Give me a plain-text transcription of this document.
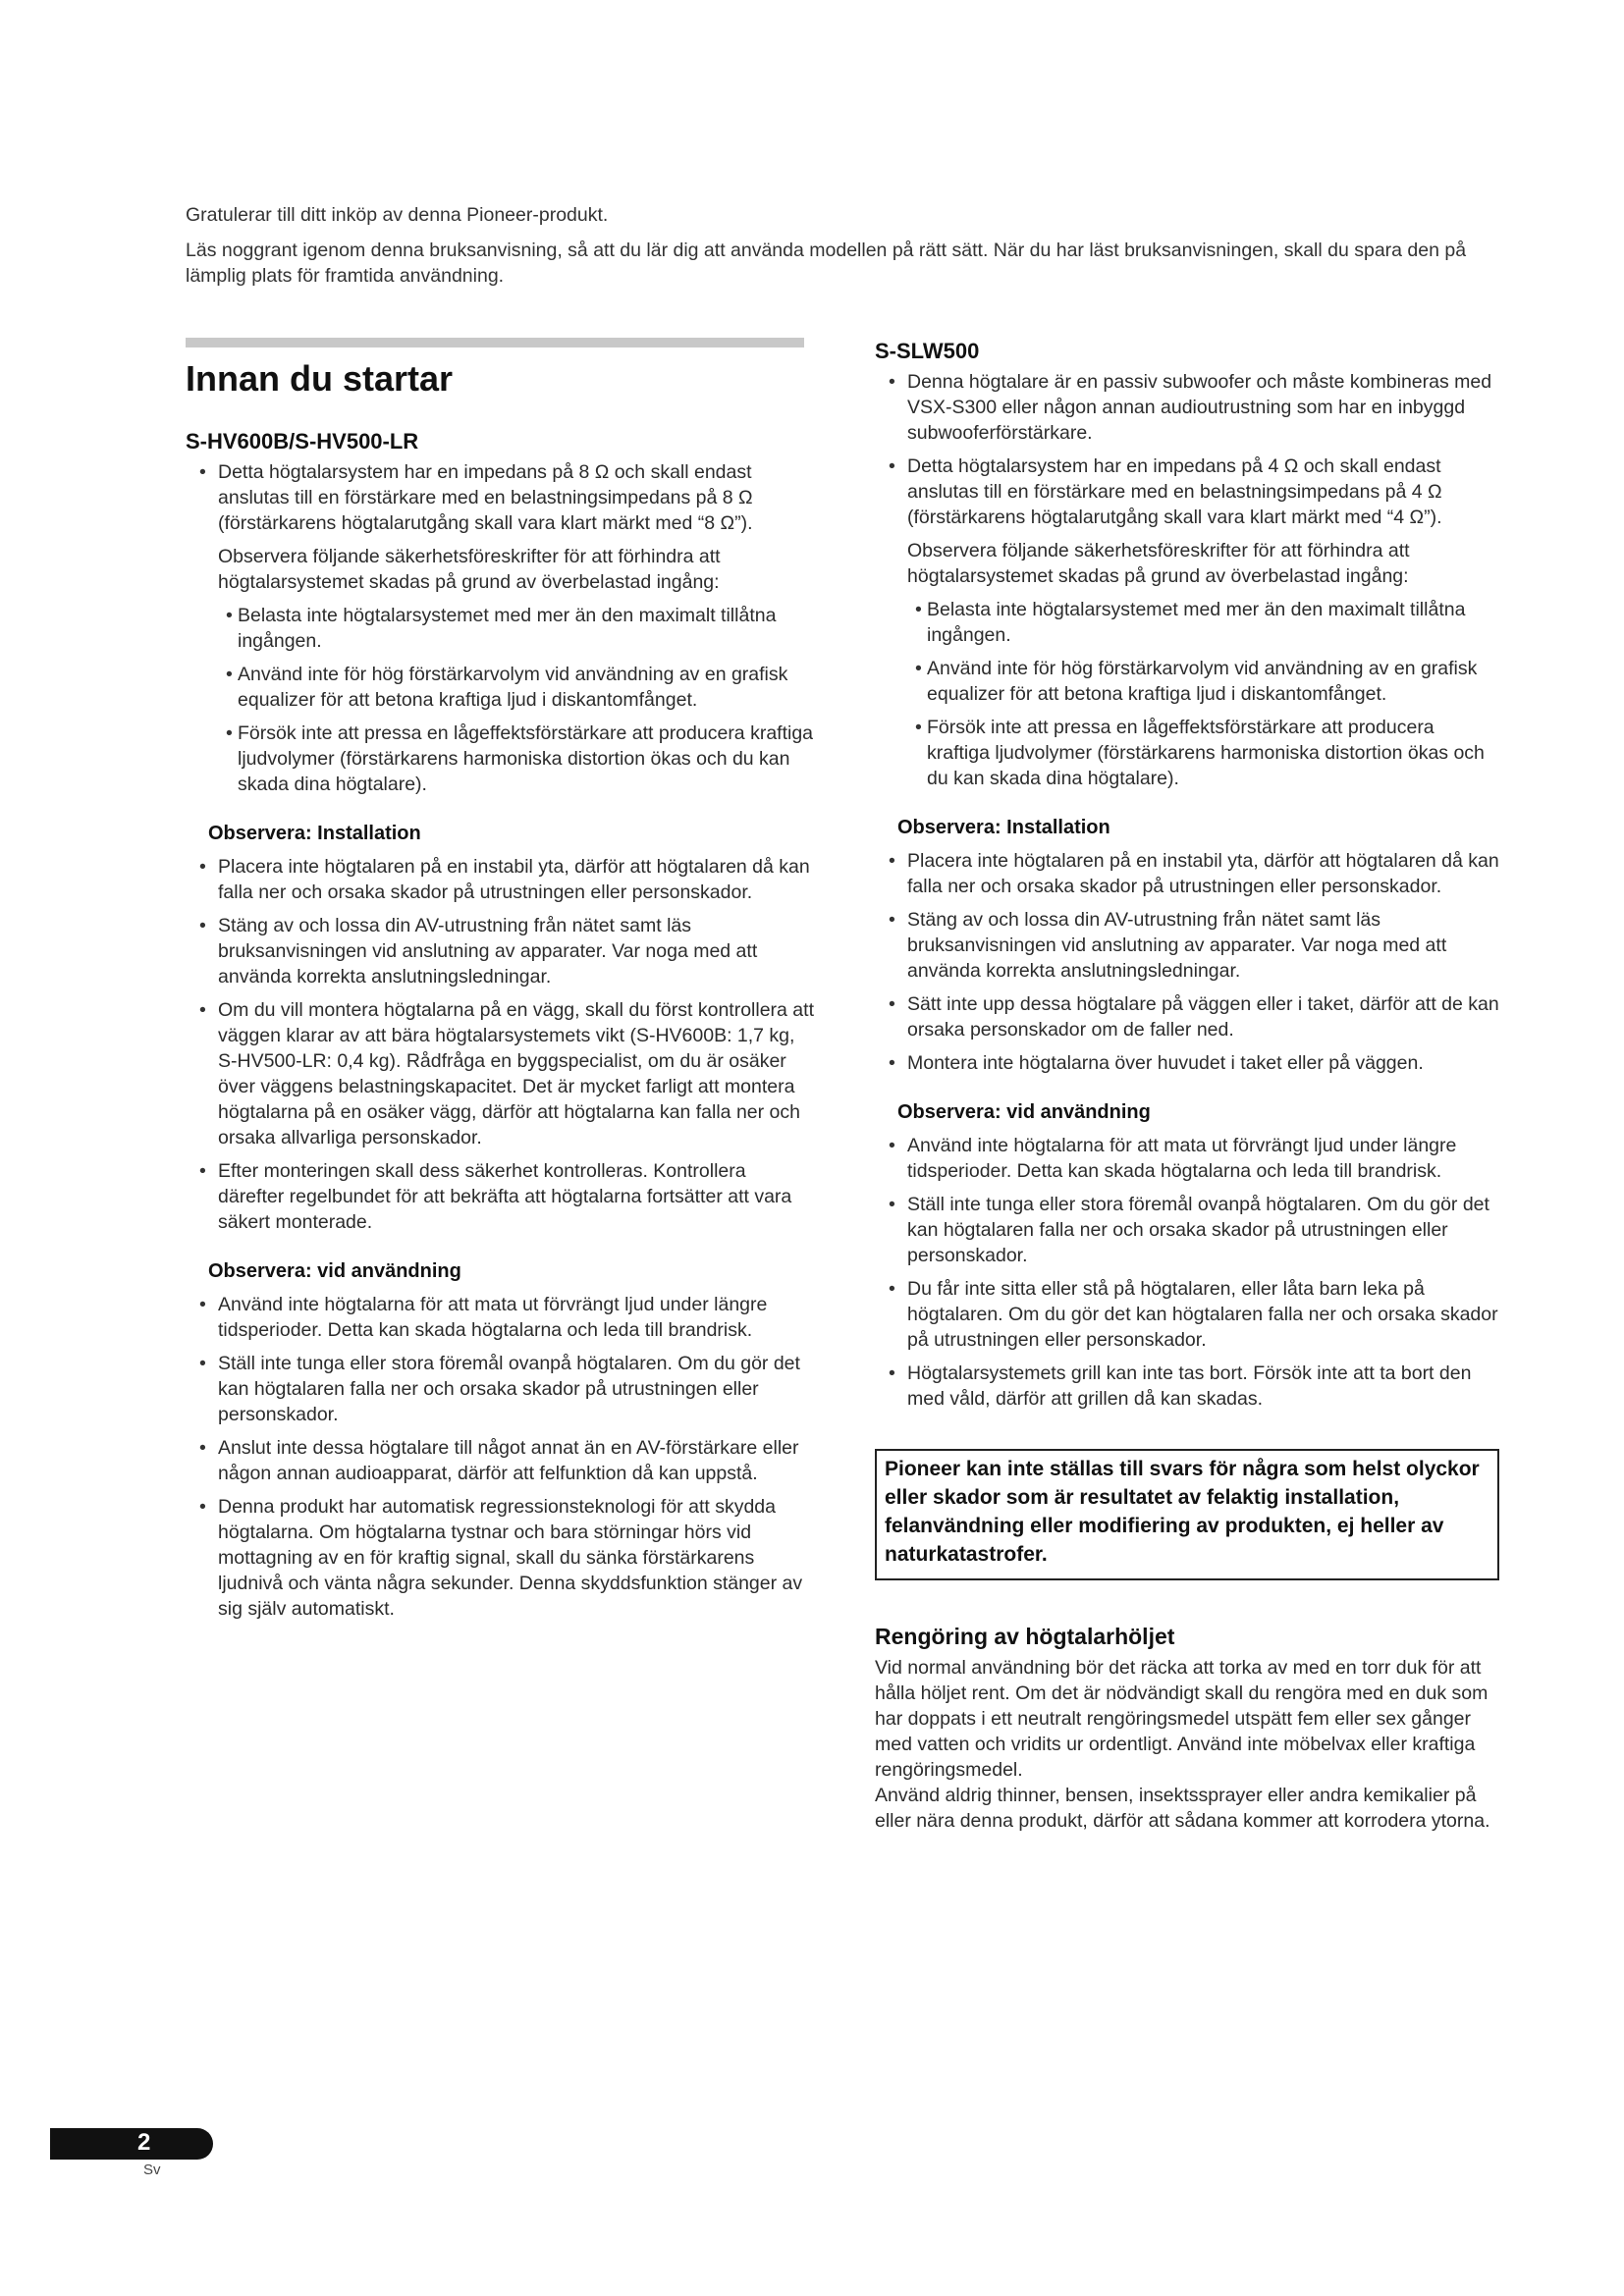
Gratulerar till ditt inköp av denna Pioneer-produkt.

Läs noggrant igenom denna bruksanvisning, så att du lär dig att använda modellen på rätt sätt. När du har läst bruksanvisningen, skall du spara den på lämplig plats för framtida användning.

Innan du startar
S-HV600B/S-HV500-LR

• Detta högtalarsystem har en impedans på 8 Ω och skall endast anslutas till en förstärkare med en belastningsimpedans på 8 Ω (förstärkarens högtalarutgång skall vara klart märkt med “8 Ω”).

Observera följande säkerhetsföreskrifter för att förhindra att högtalarsystemet skadas på grund av överbelastad ingång:

• Belasta inte högtalarsystemet med mer än den maximalt tillåtna ingången.

• Använd inte för hög förstärkarvolym vid användning av en grafisk equalizer för att betona kraftiga ljud i diskantomfånget.

• Försök inte att pressa en lågeffektsförstärkare att producera kraftiga ljudvolymer (förstärkarens harmoniska distortion ökas och du kan skada dina högtalare).

Observera: Installation

• Placera inte högtalaren på en instabil yta, därför att högtalaren då kan falla ner och orsaka skador på utrustningen eller personskador.

• Stäng av och lossa din AV-utrustning från nätet samt läs bruksanvisningen vid anslutning av apparater. Var noga med att använda korrekta anslutningsledningar.

• Om du vill montera högtalarna på en vägg, skall du först kontrollera att väggen klarar av att bära högtalarsystemets vikt (S-HV600B: 1,7 kg, S-HV500-LR: 0,4 kg). Rådfråga en byggspecialist, om du är osäker över väggens belastningskapacitet. Det är mycket farligt att montera högtalarna på en osäker vägg, därför att högtalarna kan falla ner och orsaka allvarliga personskador.

• Efter monteringen skall dess säkerhet kontrolleras. Kontrollera därefter regelbundet för att bekräfta att högtalarna fortsätter att vara säkert monterade.

Observera: vid användning

• Använd inte högtalarna för att mata ut förvrängt ljud under längre tidsperioder. Detta kan skada högtalarna och leda till brandrisk.

• Ställ inte tunga eller stora föremål ovanpå högtalaren. Om du gör det kan högtalaren falla ner och orsaka skador på utrustningen eller personskador.

• Anslut inte dessa högtalare till något annat än en AV-förstärkare eller någon annan audioapparat, därför att felfunktion då kan uppstå.

• Denna produkt har automatisk regressionsteknologi för att skydda högtalarna. Om högtalarna tystnar och bara störningar hörs vid mottagning av en för kraftig signal, skall du sänka förstärkarens ljudnivå och vänta några sekunder. Denna skyddsfunktion stänger av sig själv automatiskt.

S-SLW500

• Denna högtalare är en passiv subwoofer och måste kombineras med VSX-S300 eller någon annan audioutrustning som har en inbyggd subwooferförstärkare.

• Detta högtalarsystem har en impedans på 4 Ω och skall endast anslutas till en förstärkare med en belastningsimpedans på 4 Ω (förstärkarens högtalarutgång skall vara klart märkt med “4 Ω”).

Observera följande säkerhetsföreskrifter för att förhindra att högtalarsystemet skadas på grund av överbelastad ingång:

• Belasta inte högtalarsystemet med mer än den maximalt tillåtna ingången.

• Använd inte för hög förstärkarvolym vid användning av en grafisk equalizer för att betona kraftiga ljud i diskantomfånget.

• Försök inte att pressa en lågeffektsförstärkare att producera kraftiga ljudvolymer (förstärkarens harmoniska distortion ökas och du kan skada dina högtalare).

Observera: Installation

• Placera inte högtalaren på en instabil yta, därför att högtalaren då kan falla ner och orsaka skador på utrustningen eller personskador.

• Stäng av och lossa din AV-utrustning från nätet samt läs bruksanvisningen vid anslutning av apparater. Var noga med att använda korrekta anslutningsledningar.

• Sätt inte upp dessa högtalare på väggen eller i taket, därför att de kan orsaka personskador om de faller ned.

• Montera inte högtalarna över huvudet i taket eller på väggen.

Observera: vid användning

• Använd inte högtalarna för att mata ut förvrängt ljud under längre tidsperioder. Detta kan skada högtalarna och leda till brandrisk.

• Ställ inte tunga eller stora föremål ovanpå högtalaren. Om du gör det kan högtalaren falla ner och orsaka skador på utrustningen eller personskador.

• Du får inte sitta eller stå på högtalaren, eller låta barn leka på högtalaren. Om du gör det kan högtalaren falla ner och orsaka skador på utrustningen eller personskador.

• Högtalarsystemets grill kan inte tas bort. Försök inte att ta bort den med våld, därför att grillen då kan skadas.

Pioneer kan inte ställas till svars för några som helst olyckor eller skador som är resultatet av felaktig installation, felanvändning eller modifiering av produkten, ej heller av naturkatastrofer.
Rengöring av högtalarhöljet

Vid normal användning bör det räcka att torka av med en torr duk för att hålla höljet rent. Om det är nödvändigt skall du rengöra med en duk som har doppats i ett neutralt rengöringsmedel utspätt fem eller sex gånger med vatten och vridits ur ordentligt. Använd inte möbelvax eller kraftiga rengöringsmedel.

Använd aldrig thinner, bensen, insektssprayer eller andra kemikalier på eller nära denna produkt, därför att sådana kommer att korrodera ytorna.

2
Sv
